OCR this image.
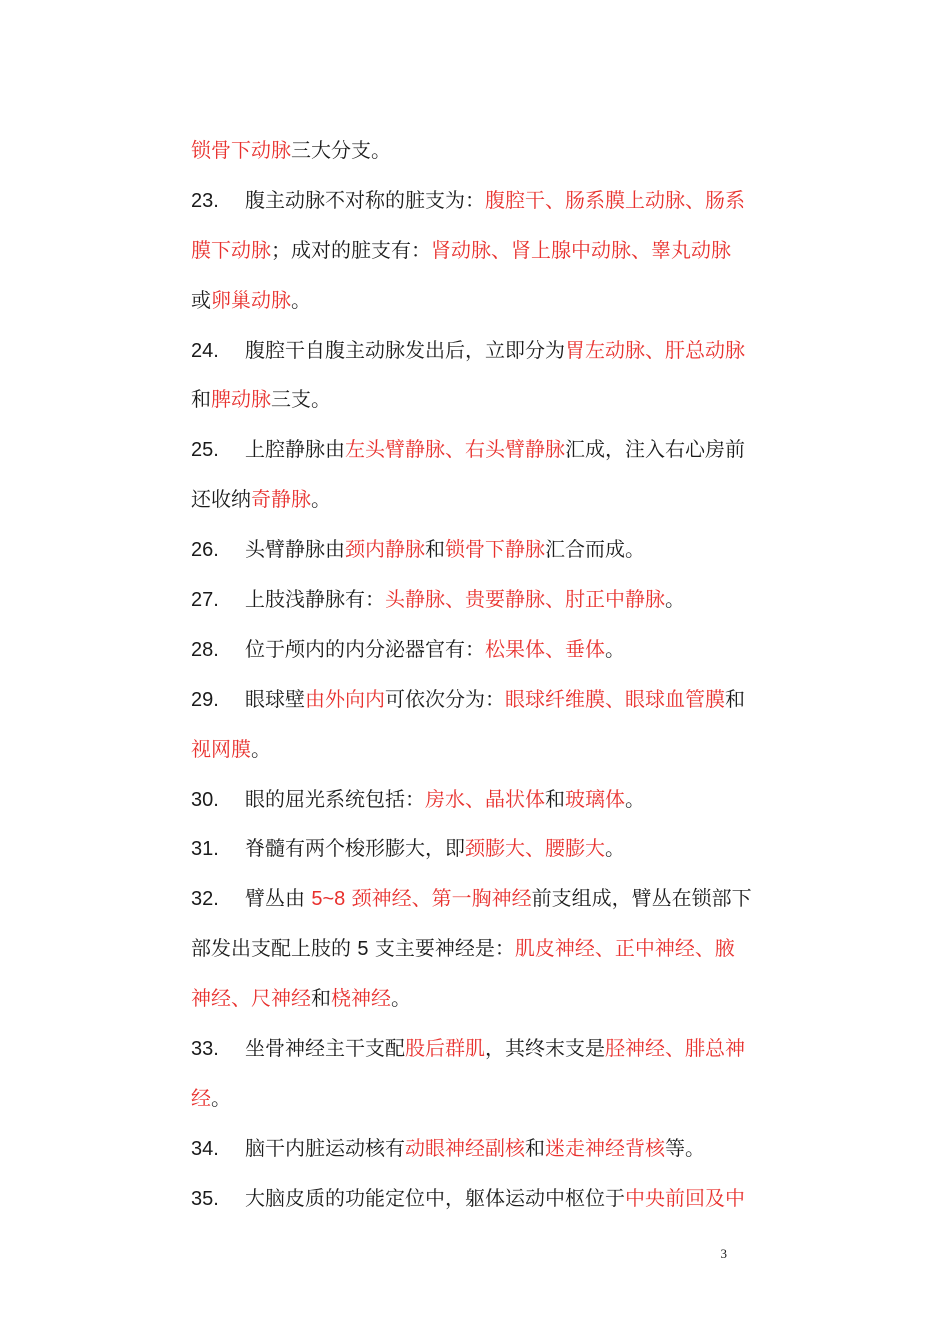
锁骨下动脉三大分支。
23. 腹主动脉不对称的脏支为：腹腔干、肠系膜上动脉、肠系
膜下动脉；成对的脏支有：肾动脉、肾上腺中动脉、睾丸动脉
或卵巢动脉。
24. 腹腔干自腹主动脉发出后，立即分为胃左动脉、肝总动脉
和脾动脉三支。
25. 上腔静脉由左头臂静脉、右头臂静脉汇成，注入右心房前
还收纳奇静脉。
26. 头臂静脉由颈内静脉和锁骨下静脉汇合而成。
27. 上肢浅静脉有：头静脉、贵要静脉、肘正中静脉。
28. 位于颅内的内分泌器官有：松果体、垂体。
29. 眼球壁由外向内可依次分为：眼球纤维膜、眼球血管膜和
视网膜。
30. 眼的屈光系统包括：房水、晶状体和玻璃体。
31. 脊髓有两个梭形膨大，即颈膨大、腰膨大。
32. 臂丛由 5~8 颈神经、第一胸神经前支组成，臂丛在锁部下
部发出支配上肢的 5 支主要神经是：肌皮神经、正中神经、腋
神经、尺神经和桡神经。
33. 坐骨神经主干支配股后群肌，其终末支是胫神经、腓总神
经。
34. 脑干内脏运动核有动眼神经副核和迷走神经背核等。
35. 大脑皮质的功能定位中，躯体运动中枢位于中央前回及中
3
